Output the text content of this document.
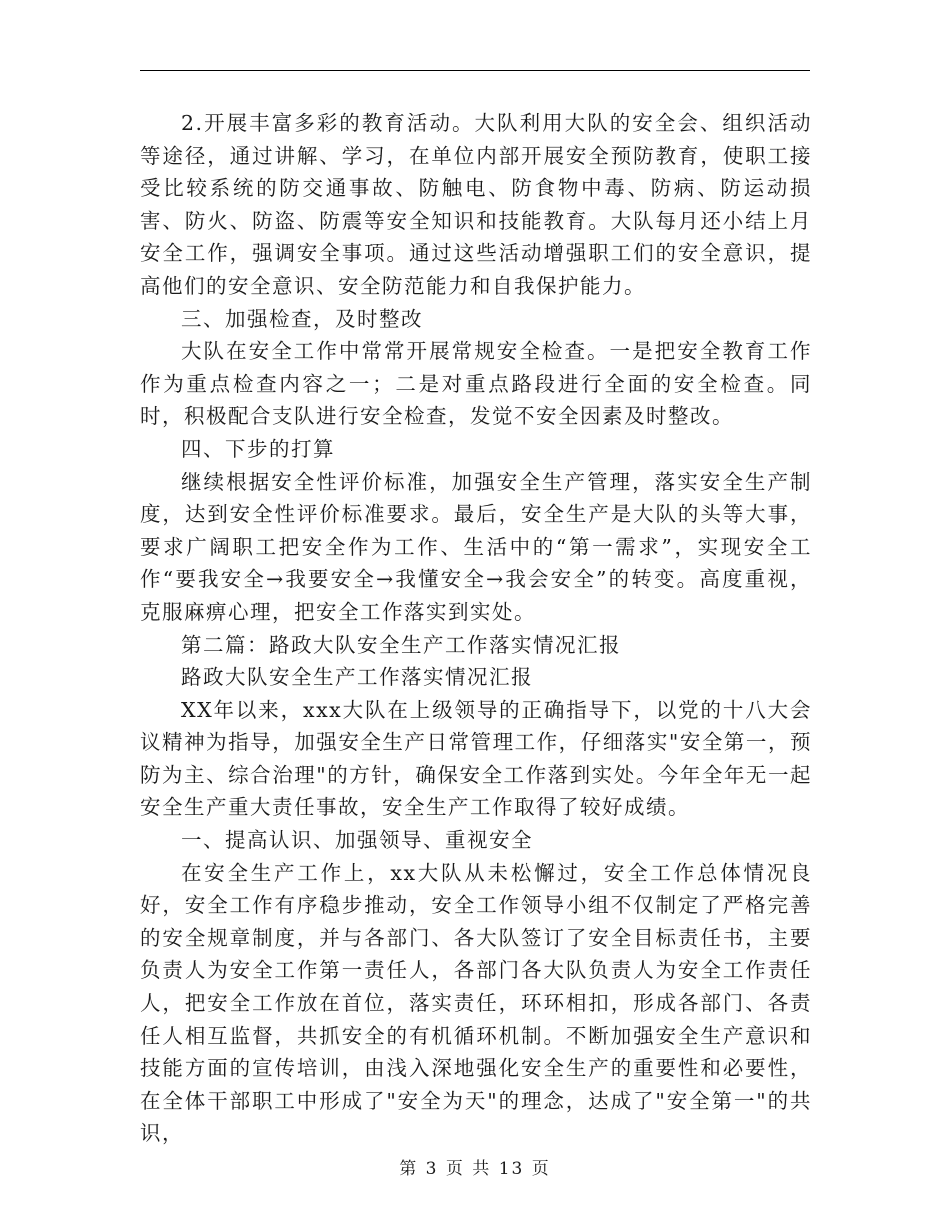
2.开展丰富多彩的教育活动。大队利用大队的安全会、组织活动等途径，通过讲解、学习，在单位内部开展安全预防教育，使职工接受比较系统的防交通事故、防触电、防食物中毒、防病、防运动损害、防火、防盗、防震等安全知识和技能教育。大队每月还小结上月安全工作，强调安全事项。通过这些活动增强职工们的安全意识，提高他们的安全意识、安全防范能力和自我保护能力。

三、加强检查，及时整改

大队在安全工作中常常开展常规安全检查。一是把安全教育工作作为重点检查内容之一；二是对重点路段进行全面的安全检查。同时，积极配合支队进行安全检查，发觉不安全因素及时整改。

四、下步的打算

继续根据安全性评价标准，加强安全生产管理，落实安全生产制度，达到安全性评价标准要求。最后，安全生产是大队的头等大事，要求广阔职工把安全作为工作、生活中的“第一需求”，实现安全工作“要我安全→我要安全→我懂安全→我会安全”的转变。高度重视，克服麻痹心理，把安全工作落实到实处。

第二篇：路政大队安全生产工作落实情况汇报

路政大队安全生产工作落实情况汇报

XX年以来，xxx大队在上级领导的正确指导下，以党的十八大会议精神为指导，加强安全生产日常管理工作，仔细落实"安全第一，预防为主、综合治理"的方针，确保安全工作落到实处。今年全年无一起安全生产重大责任事故，安全生产工作取得了较好成绩。

一、提高认识、加强领导、重视安全

在安全生产工作上，xx大队从未松懈过，安全工作总体情况良好，安全工作有序稳步推动，安全工作领导小组不仅制定了严格完善的安全规章制度，并与各部门、各大队签订了安全目标责任书，主要负责人为安全工作第一责任人，各部门各大队负责人为安全工作责任人，把安全工作放在首位，落实责任，环环相扣，形成各部门、各责任人相互监督，共抓安全的有机循环机制。不断加强安全生产意识和技能方面的宣传培训，由浅入深地强化安全生产的重要性和必要性，在全体干部职工中形成了"安全为天"的理念，达成了"安全第一"的共识，

第 3 页 共 13 页
